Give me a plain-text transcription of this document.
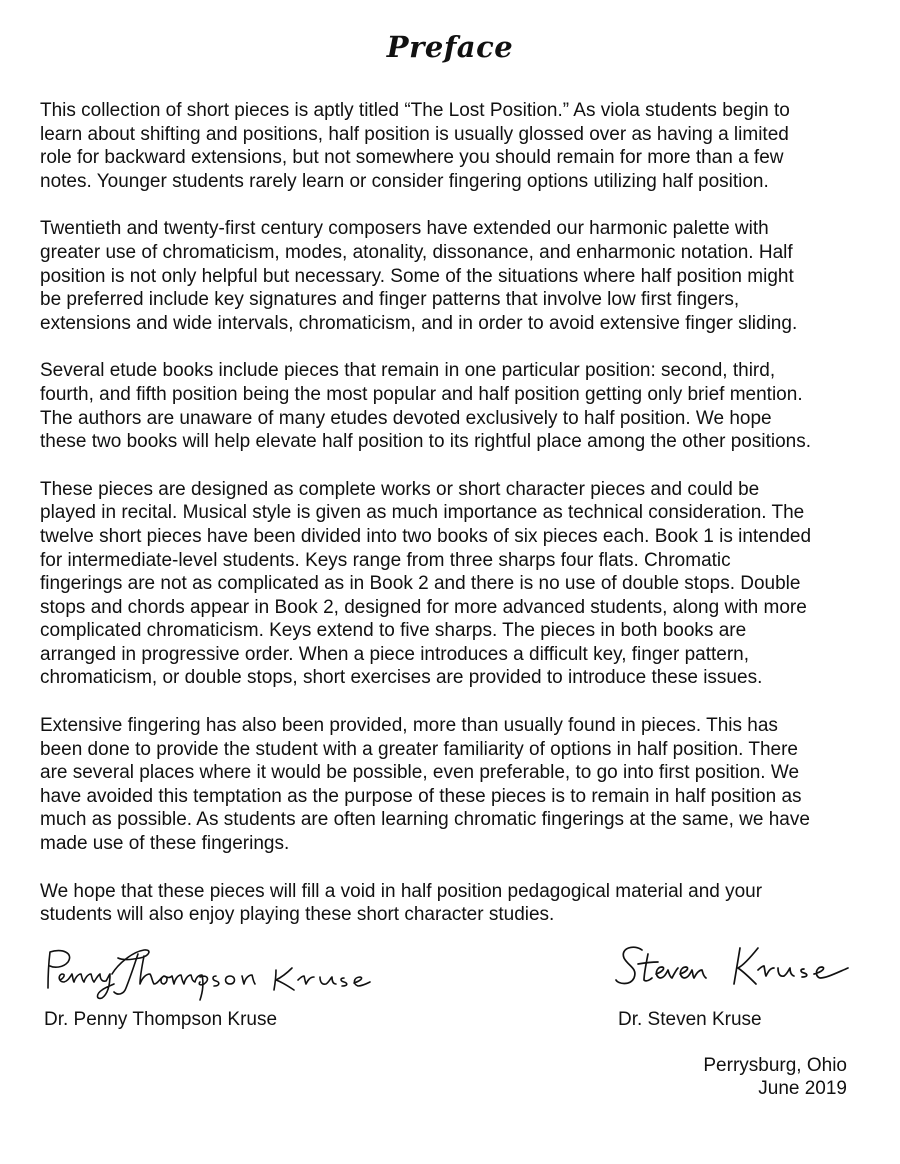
Preface

This collection of short pieces is aptly titled “The Lost Position.” As viola students begin to
learn about shifting and positions, half position is usually glossed over as having a limited
role for backward extensions, but not somewhere you should remain for more than a few
notes. Younger students rarely learn or consider fingering options utilizing half position.

Twentieth and twenty-first century composers have extended our harmonic palette with
greater use of chromaticism, modes, atonality, dissonance, and enharmonic notation. Half
position is not only helpful but necessary. Some of the situations where half position might
be preferred include key signatures and finger patterns that involve low first fingers,
extensions and wide intervals, chromaticism, and in order to avoid extensive finger sliding.

Several etude books include pieces that remain in one particular position: second, third,
fourth, and fifth position being the most popular and half position getting only brief mention.
The authors are unaware of many etudes devoted exclusively to half position. We hope
these two books will help elevate half position to its rightful place among the other positions.

These pieces are designed as complete works or short character pieces and could be
played in recital. Musical style is given as much importance as technical consideration. The
twelve short pieces have been divided into two books of six pieces each. Book 1 is intended
for intermediate-level students. Keys range from three sharps four flats. Chromatic
fingerings are not as complicated as in Book 2 and there is no use of double stops. Double
stops and chords appear in Book 2, designed for more advanced students, along with more
complicated chromaticism. Keys extend to five sharps. The pieces in both books are
arranged in progressive order. When a piece introduces a difficult key, finger pattern,
chromaticism, or double stops, short exercises are provided to introduce these issues.

Extensive fingering has also been provided, more than usually found in pieces. This has
been done to provide the student with a greater familiarity of options in half position. There
are several places where it would be possible, even preferable, to go into first position. We
have avoided this temptation as the purpose of these pieces is to remain in half position as
much as possible. As students are often learning chromatic fingerings at the same, we have
made use of these fingerings.

We hope that these pieces will fill a void in half position pedagogical material and your
students will also enjoy playing these short character studies.

Dr. Penny Thompson Kruse	Dr. Steven Kruse
Perrysburg, Ohio
June 2019
